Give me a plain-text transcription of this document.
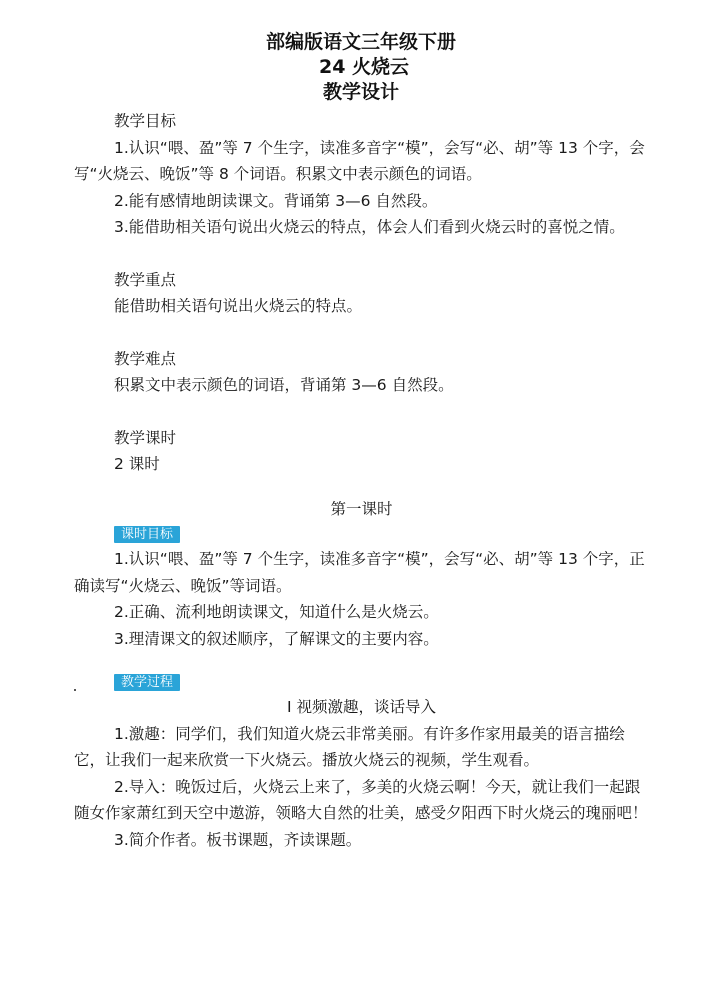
部编版语文三年级下册
24 火烧云
教学设计

教学目标

1.认识“喂、盈”等 7 个生字，读准多音字“模”，会写“必、胡”等 13 个字，会写“火烧云、晚饭”等 8 个词语。积累文中表示颜色的词语。

2.能有感情地朗读课文。背诵第 3—6 自然段。

3.能借助相关语句说出火烧云的特点，体会人们看到火烧云时的喜悦之情。

教学重点

能借助相关语句说出火烧云的特点。

教学难点

积累文中表示颜色的词语，背诵第 3—6 自然段。

教学课时

2 课时

第一课时

课时目标

1.认识“喂、盈”等 7 个生字，读准多音字“模”，会写“必、胡”等 13 个字，正确读写“火烧云、晚饭”等词语。

2.正确、流利地朗读课文，知道什么是火烧云。

3.理清课文的叙述顺序，了解课文的主要内容。

教学过程

Ⅰ 视频激趣，谈话导入

1.激趣：同学们，我们知道火烧云非常美丽。有许多作家用最美的语言描绘它，让我们一起来欣赏一下火烧云。播放火烧云的视频，学生观看。

2.导入：晚饭过后，火烧云上来了，多美的火烧云啊！今天，就让我们一起跟随女作家萧红到天空中遨游，领略大自然的壮美，感受夕阳西下时火烧云的瑰丽吧！

3.简介作者。板书课题，齐读课题。
